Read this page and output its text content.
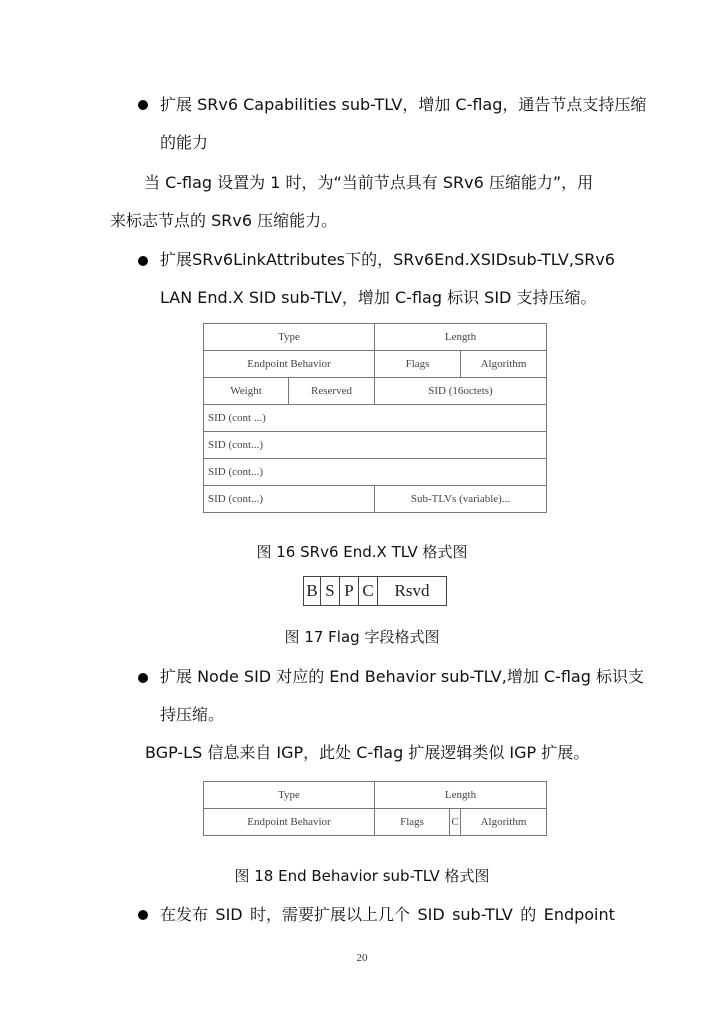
扩展 SRv6 Capabilities sub-TLV，增加 C-flag，通告节点支持压缩
的能力
当 C-flag 设置为 1 时，为“当前节点具有 SRv6 压缩能力”，用
来标志节点的 SRv6 压缩能力。
扩展 SRv6 Link Attributes 下的，SRv6 End.X SID sub-TLV, SRv6
LAN End.X SID sub-TLV，增加 C-flag 标识 SID 支持压缩。
Type		Length	
Endpoint Behavior		Flags	Algorithm
Weight	Reserved	SID (16octets)	
SID (cont ...)			
SID (cont...)			
SID (cont...)			
SID (cont...)		Sub-TLVs (variable)...	
图 16 SRv6 End.X TLV 格式图
B S P C	Rsvd
图 17 Flag 字段格式图
扩展 Node SID 对应的 End Behavior sub-TLV,增加 C-flag 标识支
持压缩。
BGP-LS 信息来自 IGP，此处 C-flag 扩展逻辑类似 IGP 扩展。
Type	Length		
Endpoint Behavior	Flags	C	Algorithm
图 18 End Behavior sub-TLV 格式图
在发布 SID 时，需要扩展以上几个 SID sub-TLV 的 Endpoint
20
